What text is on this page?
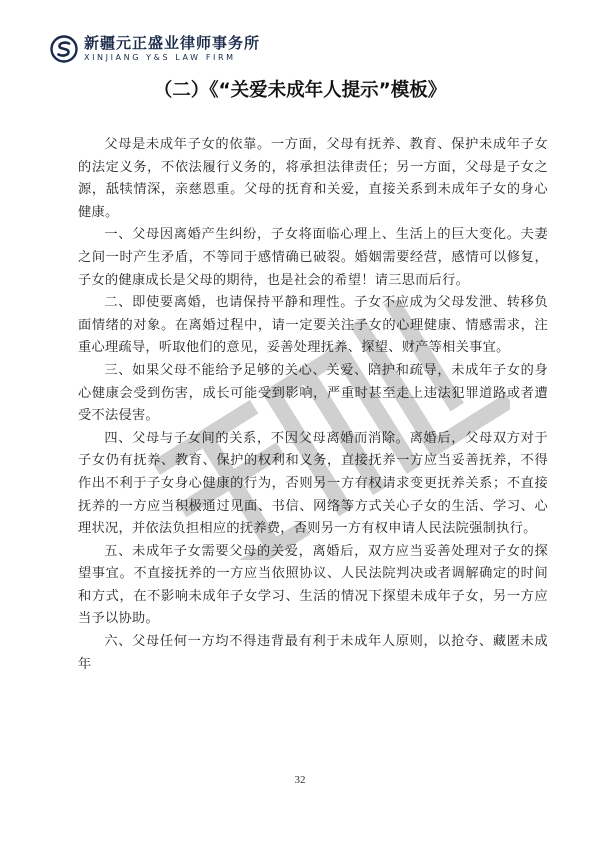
新疆元正盛业律师事务所
XINJIANG Y&S LAW FIRM
（二）《“关爱未成年人提示”模板》

父母是未成年子女的依靠。一方面，父母有抚养、教育、保护未成年子女的法定义务，不依法履行义务的，将承担法律责任；另一方面，父母是子女之源，舐犊情深，亲慈恩重。父母的抚育和关爱，直接关系到未成年子女的身心健康。

一、父母因离婚产生纠纷，子女将面临心理上、生活上的巨大变化。夫妻之间一时产生矛盾，不等同于感情确已破裂。婚姻需要经营，感情可以修复，子女的健康成长是父母的期待，也是社会的希望！请三思而后行。

二、即使要离婚，也请保持平静和理性。子女不应成为父母发泄、转移负面情绪的对象。在离婚过程中，请一定要关注子女的心理健康、情感需求，注重心理疏导，听取他们的意见，妥善处理抚养、探望、财产等相关事宜。

三、如果父母不能给予足够的关心、关爱、陪护和疏导，未成年子女的身心健康会受到伤害，成长可能受到影响，严重时甚至走上违法犯罪道路或者遭受不法侵害。

四、父母与子女间的关系，不因父母离婚而消除。离婚后，父母双方对于子女仍有抚养、教育、保护的权利和义务，直接抚养一方应当妥善抚养，不得作出不利于子女身心健康的行为，否则另一方有权请求变更抚养关系；不直接抚养的一方应当积极通过见面、书信、网络等方式关心子女的生活、学习、心理状况，并依法负担相应的抚养费，否则另一方有权申请人民法院强制执行。

五、未成年子女需要父母的关爱，离婚后，双方应当妥善处理对子女的探望事宜。不直接抚养的一方应当依照协议、人民法院判决或者调解确定的时间和方式，在不影响未成年子女学习、生活的情况下探望未成年子女，另一方应当予以协助。

六、父母任何一方均不得违背最有利于未成年人原则，以抢夺、藏匿未成年

32
